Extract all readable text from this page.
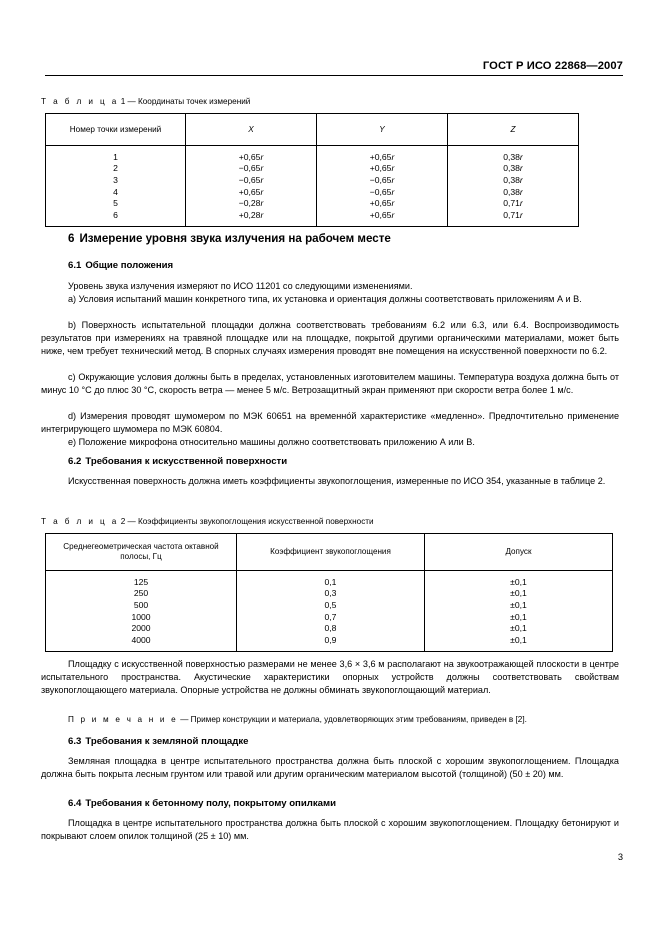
ГОСТ Р ИСО 22868—2007
Т а б л и ц а 1 — Координаты точек измерений
Номер точки измерений	X	Y	Z
1	+0,65r	+0,65r	0,38r
2	−0,65r	+0,65r	0,38r
3	−0,65r	−0,65r	0,38r
4	+0,65r	−0,65r	0,38r
5	−0,28r	+0,65r	0,71r
6	+0,28r	+0,65r	0,71r
6 Измерение уровня звука излучения на рабочем месте
6.1 Общие положения

Уровень звука излучения измеряют по ИСО 11201 со следующими изменениями.

а) Условия испытаний машин конкретного типа, их установка и ориентация должны соответствовать приложениям А и В.

b) Поверхность испытательной площадки должна соответствовать требованиям 6.2 или 6.3, или 6.4. Воспроизводимость результатов при измерениях на травяной площадке или на площадке, покрытой другими органическими материалами, может быть ниже, чем требует технический метод. В спорных случаях измерения проводят вне помещения на искусственной поверхности по 6.2.

c) Окружающие условия должны быть в пределах, установленных изготовителем машины. Температура воздуха должна быть от минус 10 °С до плюс 30 °С, скорость ветра — менее 5 м/с. Ветрозащитный экран применяют при скорости ветра более 1 м/с.

d) Измерения проводят шумомером по МЭК 60651 на временно́й характеристике «медленно». Предпочтительно применение интегрирующего шумомера по МЭК 60804.

e) Положение микрофона относительно машины должно соответствовать приложению А или В.

6.2 Требования к искусственной поверхности

Искусственная поверхность должна иметь коэффициенты звукопоглощения, измеренные по ИСО 354, указанные в таблице 2.

Т а б л и ц а 2 — Коэффициенты звукопоглощения искусственной поверхности
Среднегеометрическая частота октавной полосы, Гц	Коэффициент звукопоглощения	Допуск
125	0,1	±0,1
250	0,3	±0,1
500	0,5	±0,1
1000	0,7	±0,1
2000	0,8	±0,1
4000	0,9	±0,1

Площадку с искусственной поверхностью размерами не менее 3,6 × 3,6 м располагают на звукоотражающей плоскости в центре испытательного пространства. Акустические характеристики опорных устройств должны соответствовать свойствам звукопоглощающего материала. Опорные устройства не должны обминать звукопоглощающий материал.

П р и м е ч а н и е — Пример конструкции и материала, удовлетворяющих этим требованиям, приведен в [2].

6.3 Требования к земляной площадке

Земляная площадка в центре испытательного пространства должна быть плоской с хорошим звукопоглощением. Площадка должна быть покрыта лесным грунтом или травой или другим органическим материалом высотой (толщиной) (50 ± 20) мм.

6.4 Требования к бетонному полу, покрытому опилками

Площадка в центре испытательного пространства должна быть плоской с хорошим звукопоглощением. Площадку бетонируют и покрывают слоем опилок толщиной (25 ± 10) мм.

3
